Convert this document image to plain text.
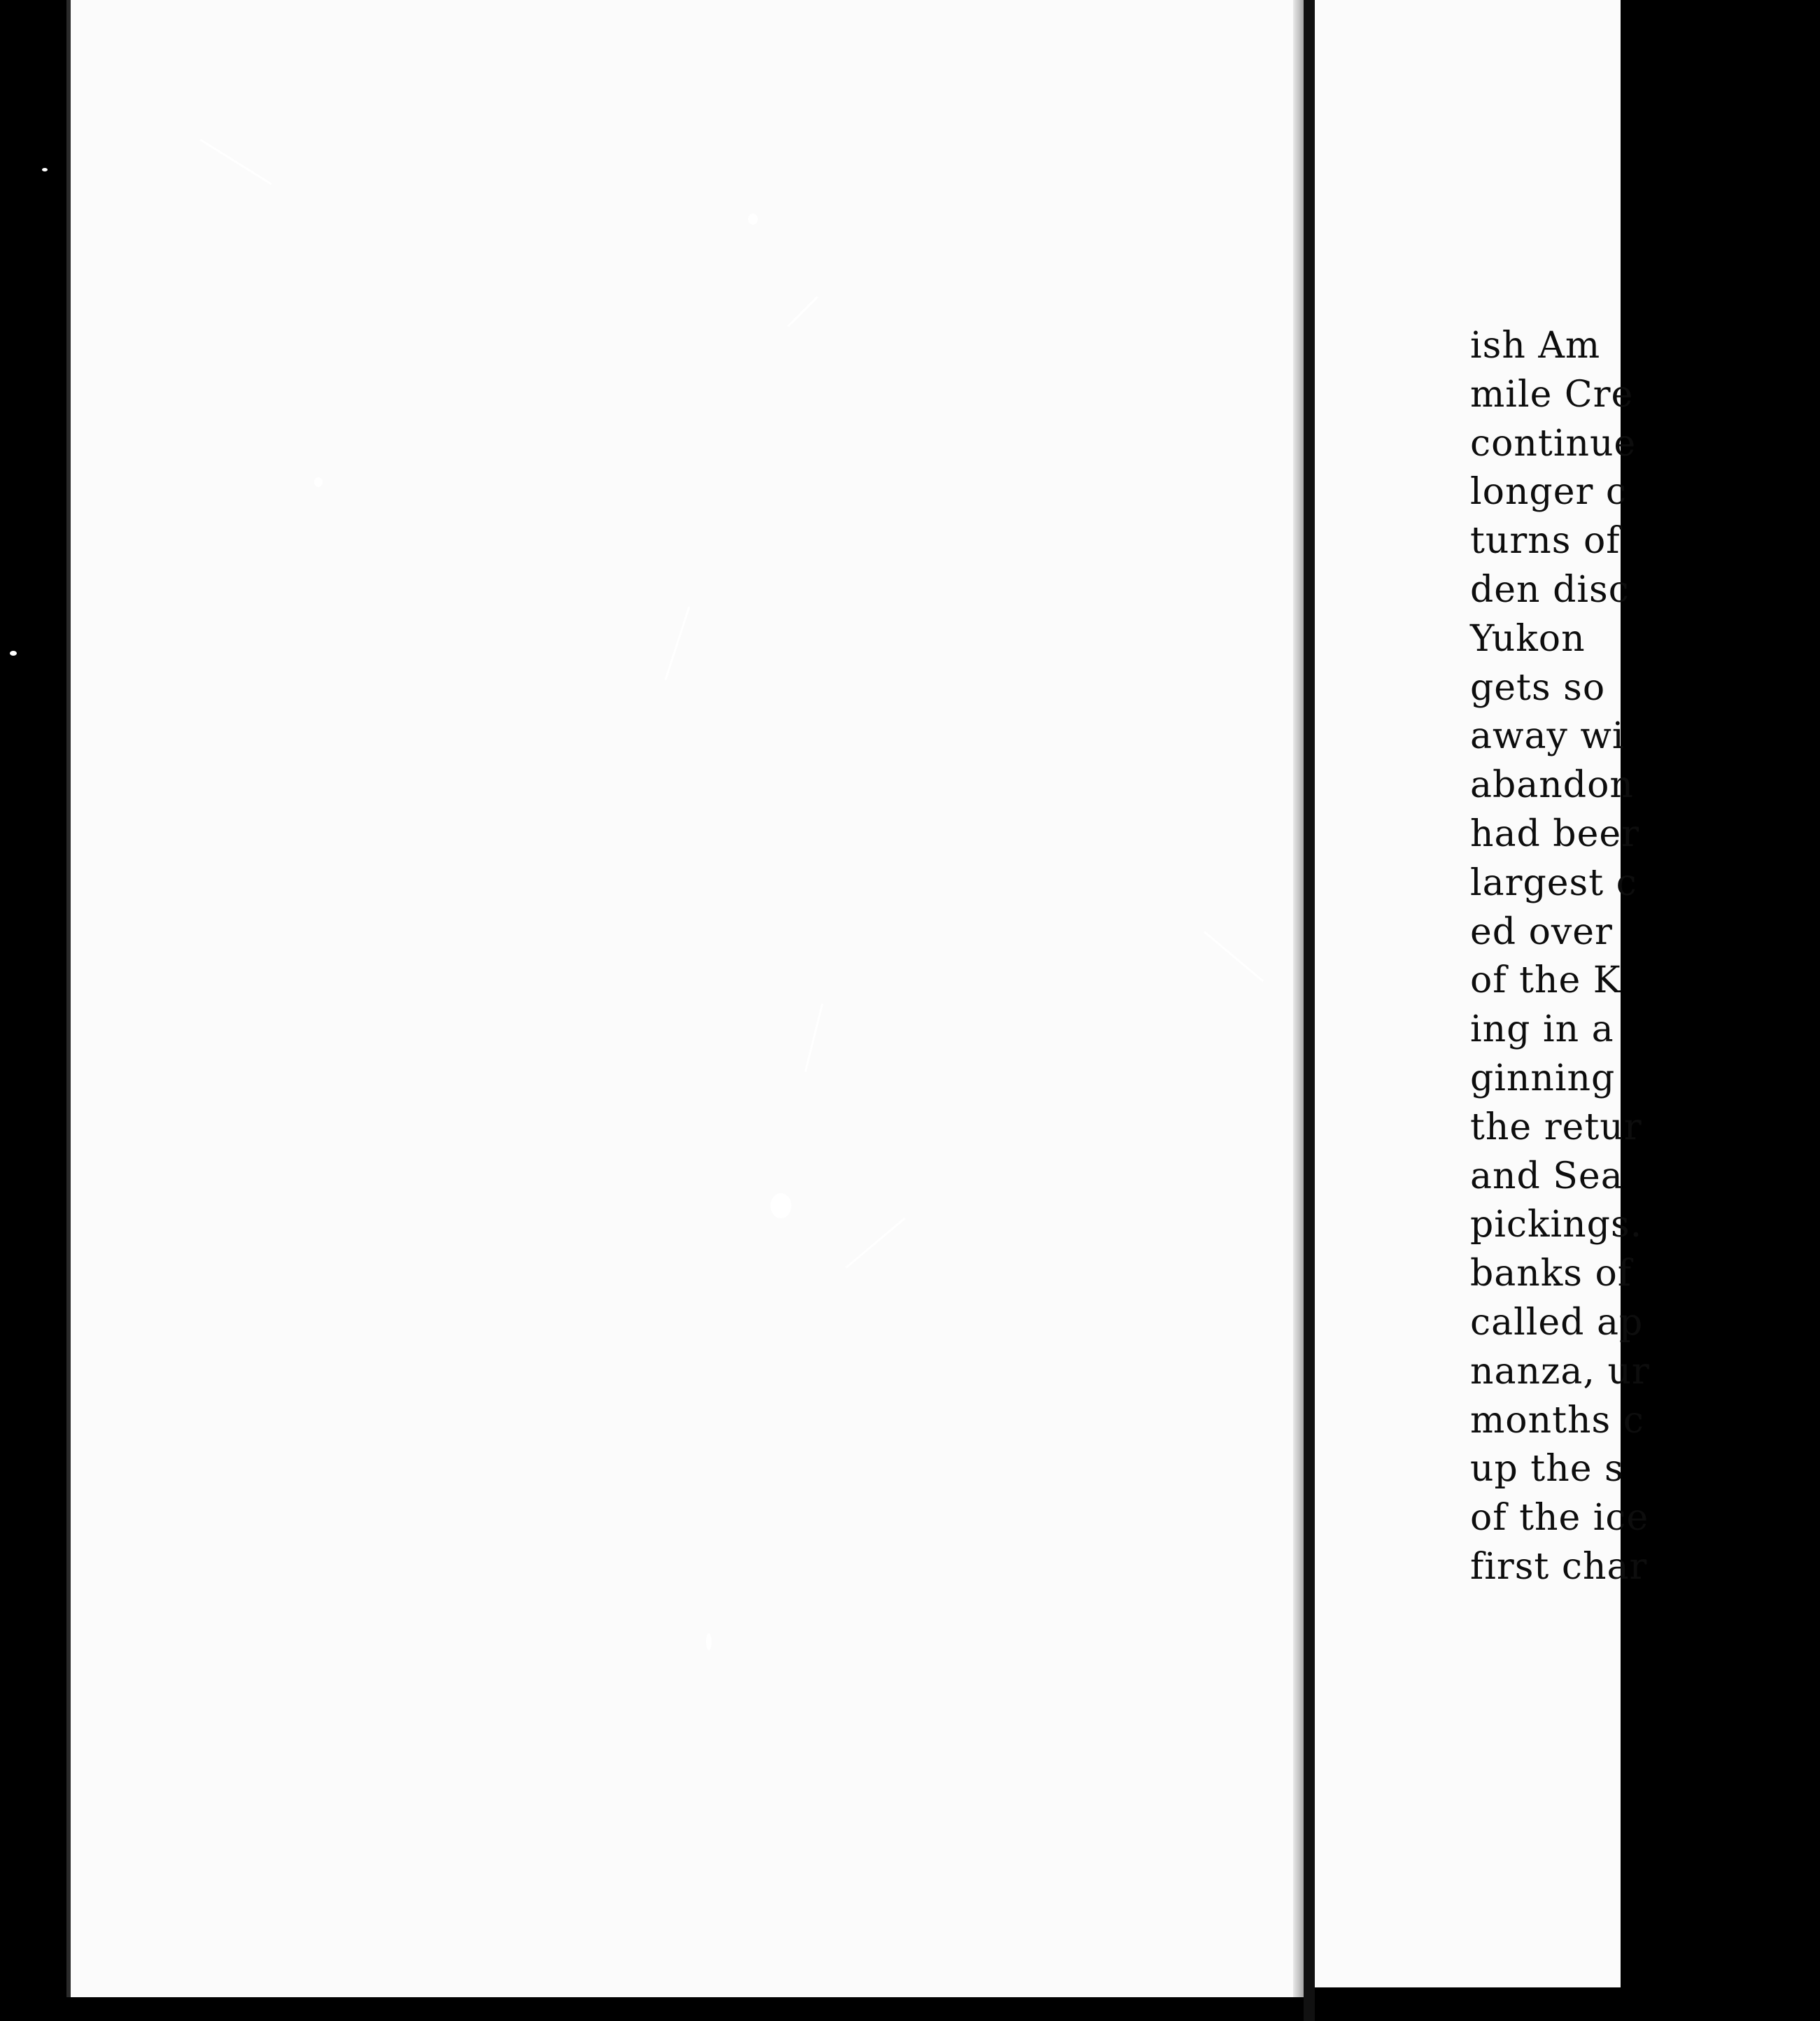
ish Am
mile Cre
continue
longer c
turns of
den disc
Yukon
gets so
away wi
abandon
had beer
largest c
ed over
of the K
ing in a
ginning
the retur
and Sea
pickings.
banks of
called ap
nanza, ur
months c
up the s
of the ice
first char
